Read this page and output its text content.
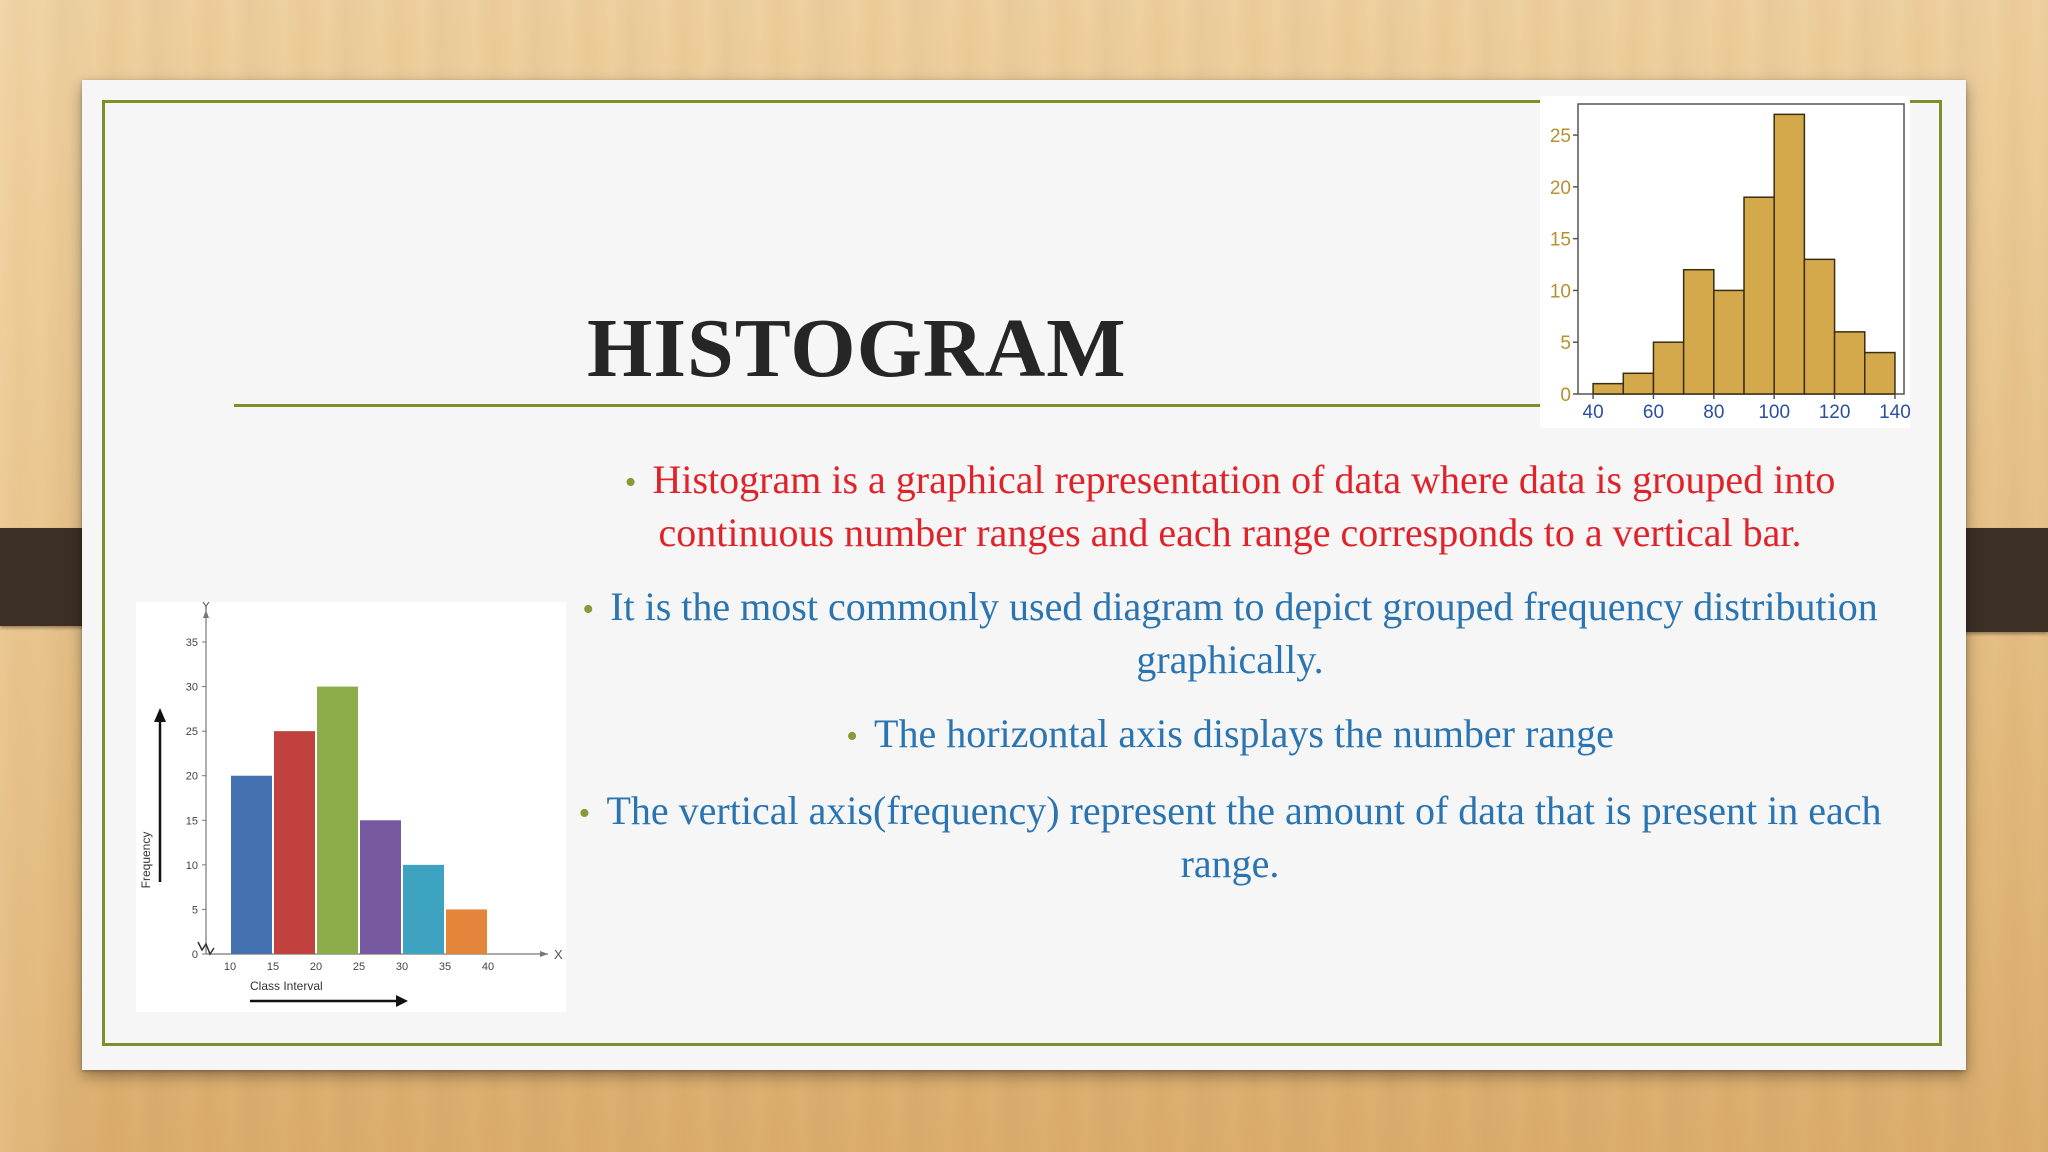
HISTOGRAM
• Histogram is a graphical representation of data where data is grouped into continuous number ranges and each range corresponds to a vertical bar.
• It is the most commonly used diagram to depict grouped frequency distribution graphically.
• The horizontal axis displays the number range
• The vertical axis(frequency) represent the amount of data that is present in each range.
0
5
10
15
20
25
40 60 80 100 120 140
X
Y
0
5
10
15
20
25
30
35
10	15	20	25	30	35	40
Class Interval
Frequency
